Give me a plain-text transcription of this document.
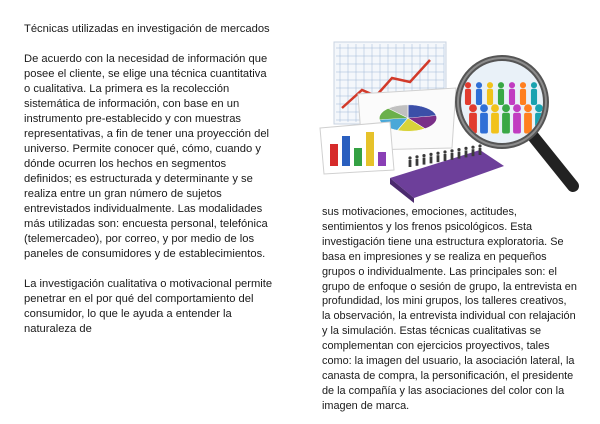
Técnicas utilizadas en investigación de mercados

De acuerdo con la necesidad de información que posee el cliente, se elige una técnica cuantitativa o cualitativa. La primera es la recolección sistemática de información, con base en un instrumento pre-establecido y con muestras representativas, a fin de tener una proyección del universo. Permite conocer qué, cómo, cuando y dónde ocurren los hechos en segmentos definidos; es estructurada y determinante y se realiza entre un gran número de sujetos entrevistados individualmente. Las modalidades más utilizadas son: encuesta personal, telefónica (telemercadeo), por correo, y por medio de los paneles de consumidores y de establecimientos.

La investigación cualitativa o motivacional permite penetrar en el por qué del comportamiento del consumidor, lo que le ayuda a entender la naturaleza de

sus motivaciones, emociones, actitudes, sentimientos y los frenos psicológicos. Esta investigación tiene una estructura exploratoria. Se basa en impresiones y se realiza en pequeños grupos o individualmente. Las principales son: el grupo de enfoque o sesión de grupo, la entrevista en profundidad, los mini grupos, los talleres creativos, la observación, la entrevista individual con relajación y la simulación. Estas técnicas cualitativas se complementan con ejercicios proyectivos, tales como: la imagen del usuario, la asociación lateral, la canasta de compra, la personificación, el presidente de la compañía y las asociaciones del color con la imagen de marca.
